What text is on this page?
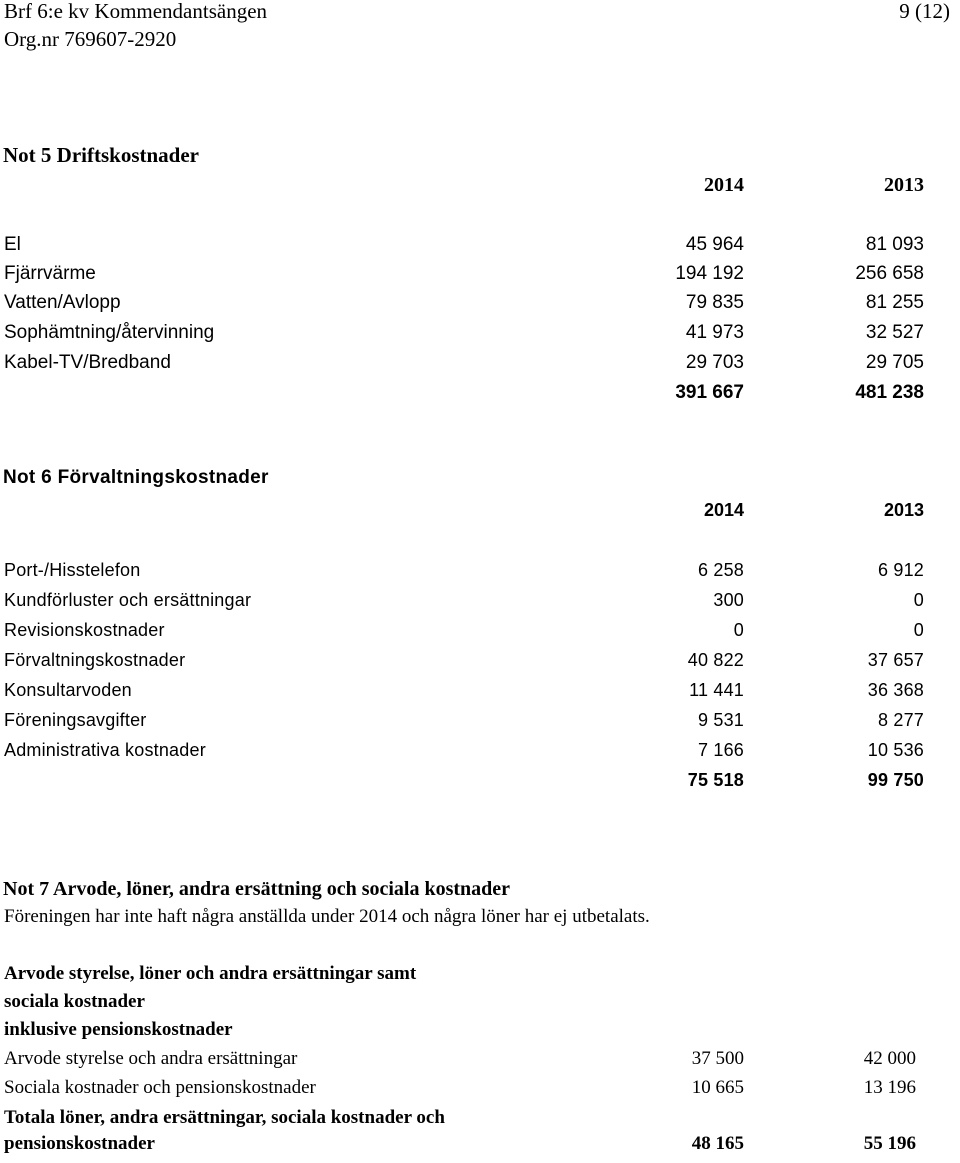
Brf 6:e kv Kommendantsängen	9 (12)
Org.nr 769607-2920
Not 5 Driftskostnader
2014	2013
El	45 964	81 093
Fjärrvärme	194 192	256 658
Vatten/Avlopp	79 835	81 255
Sophämtning/återvinning	41 973	32 527
Kabel-TV/Bredband	29 703	29 705
391 667	481 238
Not 6 Förvaltningskostnader
2014	2013
Port-/Hisstelefon	6 258	6 912
Kundförluster och ersättningar	300	0
Revisionskostnader	0	0
Förvaltningskostnader	40 822	37 657
Konsultarvoden	11 441	36 368
Föreningsavgifter	9 531	8 277
Administrativa kostnader	7 166	10 536
75 518	99 750
Not 7 Arvode, löner, andra ersättning och sociala kostnader
Föreningen har inte haft några anställda under 2014 och några löner har ej utbetalats.
Arvode styrelse, löner och andra ersättningar samt
sociala kostnader
inklusive pensionskostnader
Arvode styrelse och andra ersättningar	37 500	42 000
Sociala kostnader och pensionskostnader	10 665	13 196
Totala löner, andra ersättningar, sociala kostnader och
pensionskostnader	48 165	55 196
